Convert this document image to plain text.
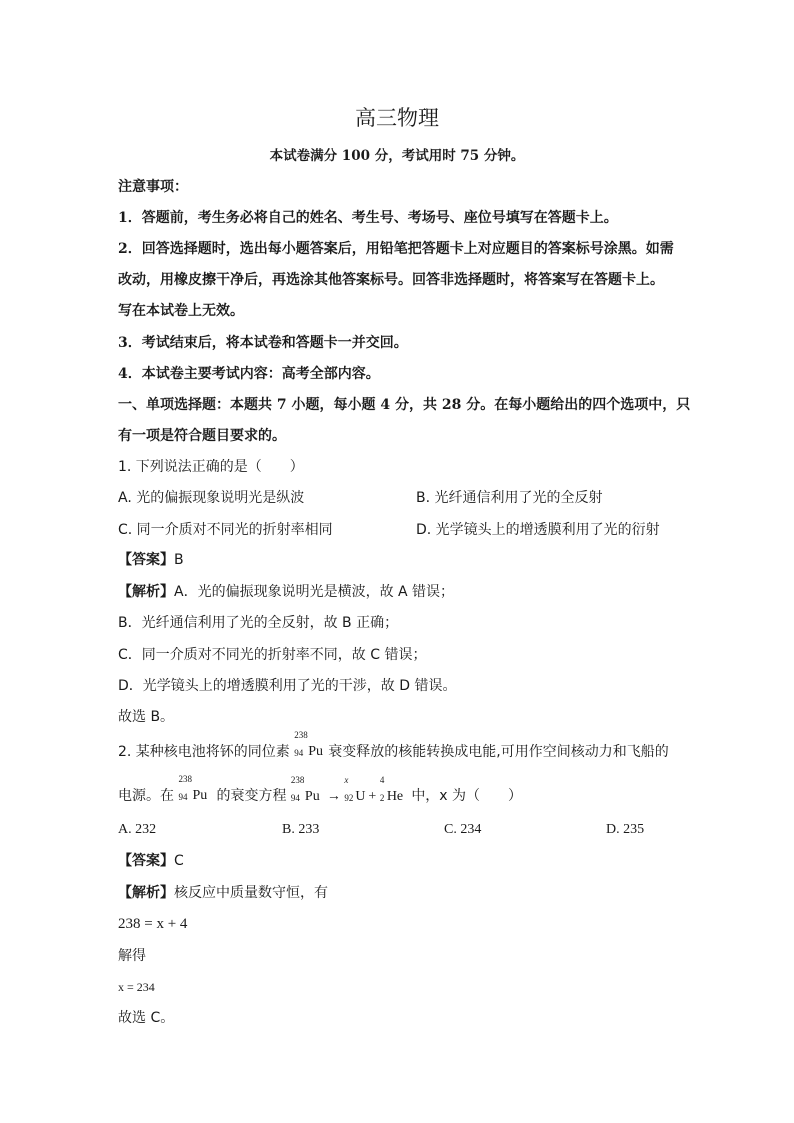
高三物理
本试卷满分 100 分，考试用时 75 分钟。
注意事项：
1．答题前，考生务必将自己的姓名、考生号、考场号、座位号填写在答题卡上。
2．回答选择题时，选出每小题答案后，用铅笔把答题卡上对应题目的答案标号涂黑。如需
改动，用橡皮擦干净后，再选涂其他答案标号。回答非选择题时，将答案写在答题卡上。
写在本试卷上无效。
3．考试结束后，将本试卷和答题卡一并交回。
4．本试卷主要考试内容：高考全部内容。
一、单项选择题：本题共 7 小题，每小题 4 分，共 28 分。在每小题给出的四个选项中，只
有一项是符合题目要求的。
1. 下列说法正确的是（　　）
A. 光的偏振现象说明光是纵波	B. 光纤通信利用了光的全反射
C. 同一介质对不同光的折射率相同	D. 光学镜头上的增透膜利用了光的衍射
【答案】B
【解析】A．光的偏振现象说明光是横波，故 A 错误；
B．光纤通信利用了光的全反射，故 B 正确；
C．同一介质对不同光的折射率不同，故 C 错误；
D．光学镜头上的增透膜利用了光的干涉，故 D 错误。
故选 B。
2. 某种核电池将钚的同位素
238
94 Pu 衰变释放的核能转换成电能,可用作空间核动力和飞船的
电源。在
238
94 Pu 的衰变方程
238
94 Pu →
x
92 U +
4
2 He 中，x 为（　　）
A. 232	B. 233	C. 234	D. 235
【答案】C
【解析】核反应中质量数守恒，有
238 = x + 4
解得
x = 234
故选 C。
